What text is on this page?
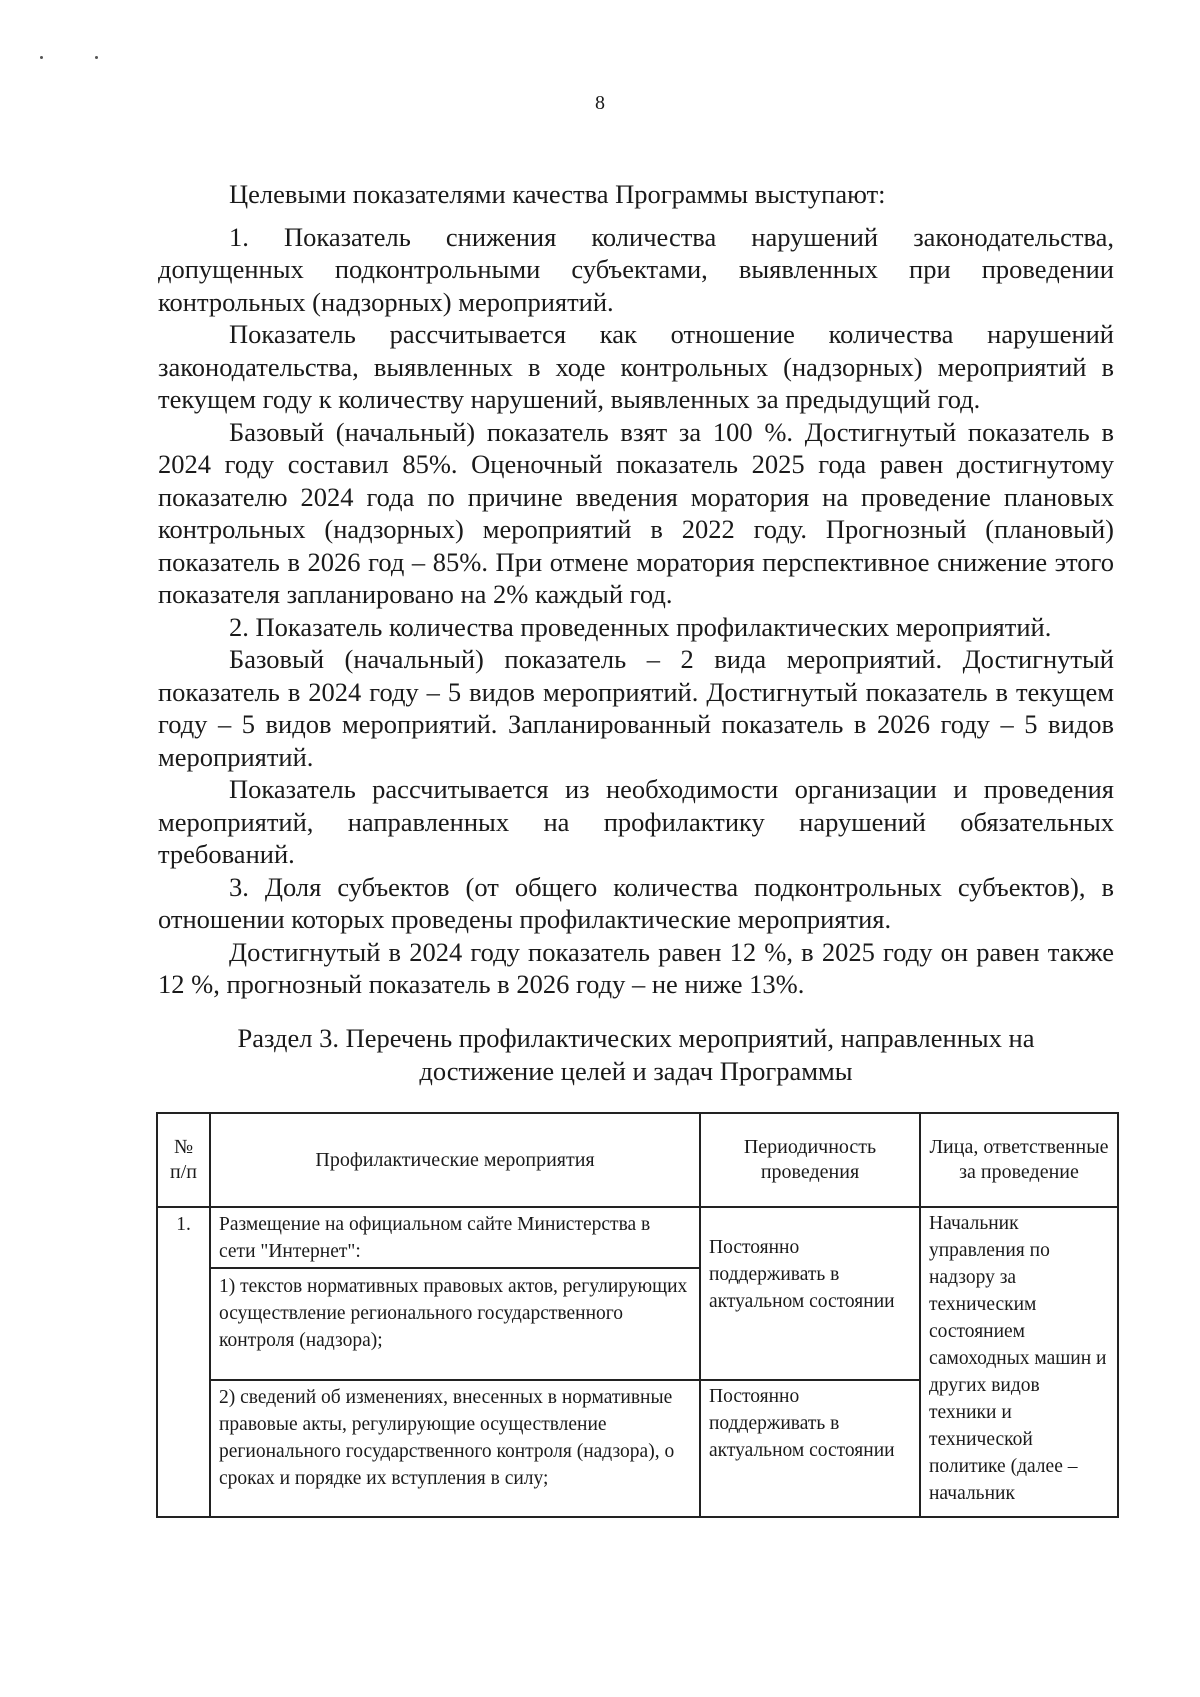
8

Целевыми показателями качества Программы выступают:

1. Показатель снижения количества нарушений законодательства, допущенных подконтрольными субъектами, выявленных при проведении контрольных (надзорных) мероприятий.

Показатель рассчитывается как отношение количества нарушений законодательства, выявленных в ходе контрольных (надзорных) мероприятий в текущем году к количеству нарушений, выявленных за предыдущий год.

Базовый (начальный) показатель взят за 100 %. Достигнутый показатель в 2024 году составил 85%. Оценочный показатель 2025 года равен достигнутому показателю 2024 года по причине введения моратория на проведение плановых контрольных (надзорных) мероприятий в 2022 году. Прогнозный (плановый) показатель в 2026 год – 85%. При отмене моратория перспективное снижение этого показателя запланировано на 2% каждый год.

2. Показатель количества проведенных профилактических мероприятий.

Базовый (начальный) показатель – 2 вида мероприятий. Достигнутый показатель в 2024 году – 5 видов мероприятий. Достигнутый показатель в текущем году – 5 видов мероприятий. Запланированный показатель в 2026 году – 5 видов мероприятий.

Показатель рассчитывается из необходимости организации и проведения мероприятий, направленных на профилактику нарушений обязательных требований.

3. Доля субъектов (от общего количества подконтрольных субъектов), в отношении которых проведены профилактические мероприятия.

Достигнутый в 2024 году показатель равен 12 %, в 2025 году он равен также 12 %, прогнозный показатель в 2026 году – не ниже 13%.

Раздел 3. Перечень профилактических мероприятий, направленных на
достижение целей и задач Программы
№ п/п	Профилактические мероприятия	Периодичность проведения	Лица, ответственные за проведение
1.	Размещение на официальном сайте Министерства в сети "Интернет":	Постоянно поддерживать в актуальном состоянии	Начальник управления по надзору за техническим состоянием самоходных машин и других видов техники и технической политике (далее – начальник
	1) текстов нормативных правовых актов, регулирующих осуществление регионального государственного контроля (надзора);		
	2) сведений об изменениях, внесенных в нормативные правовые акты, регулирующие осуществление регионального государственного контроля (надзора), о сроках и порядке их вступления в силу;	Постоянно поддерживать в актуальном состоянии	
